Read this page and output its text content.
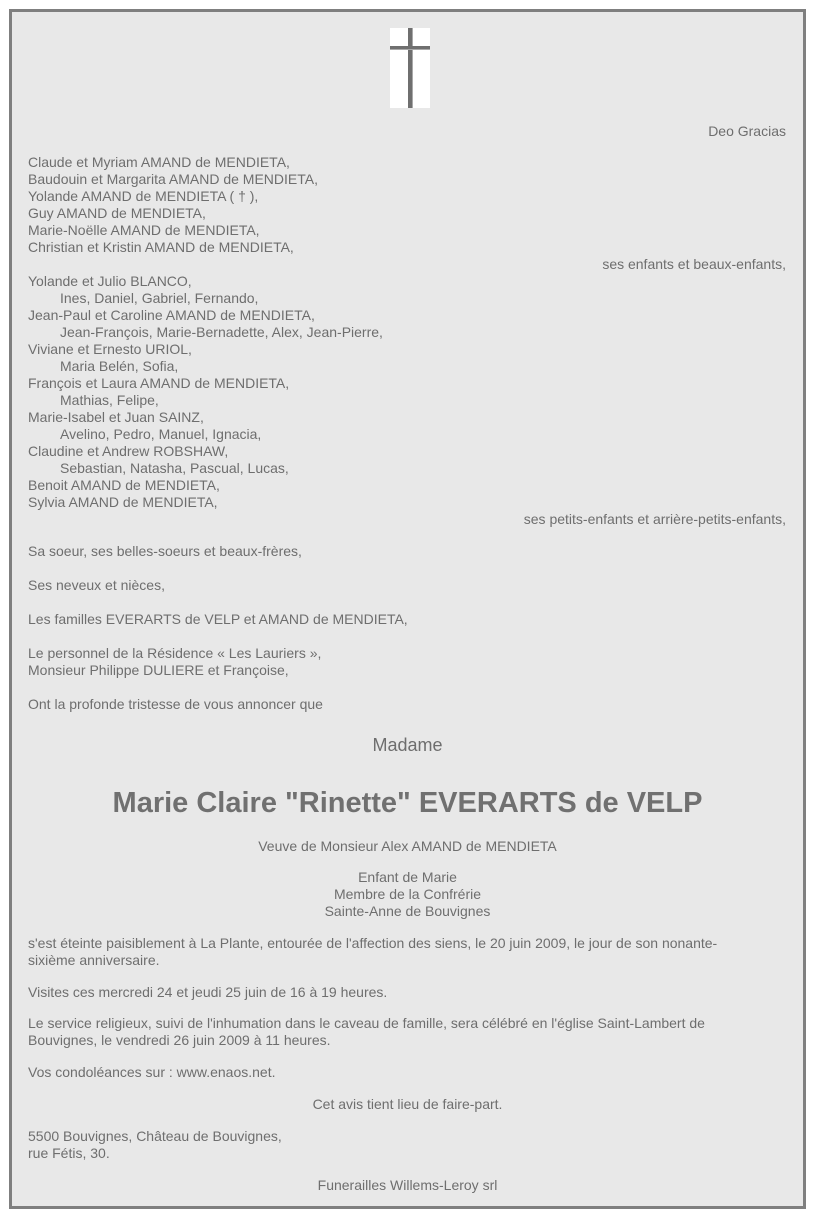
Deo Gracias
Claude et Myriam AMAND de MENDIETA,
Baudouin et Margarita AMAND de MENDIETA,
Yolande AMAND de MENDIETA ( † ),
Guy AMAND de MENDIETA,
Marie-Noëlle AMAND de MENDIETA,
Christian et Kristin AMAND de MENDIETA,
ses enfants et beaux-enfants,
Yolande et Julio BLANCO,
Ines, Daniel, Gabriel, Fernando,
Jean-Paul et Caroline AMAND de MENDIETA,
Jean-François, Marie-Bernadette, Alex, Jean-Pierre,
Viviane et Ernesto URIOL,
Maria Belén, Sofia,
François et Laura AMAND de MENDIETA,
Mathias, Felipe,
Marie-Isabel et Juan SAINZ,
Avelino, Pedro, Manuel, Ignacia,
Claudine et Andrew ROBSHAW,
Sebastian, Natasha, Pascual, Lucas,
Benoit AMAND de MENDIETA,
Sylvia AMAND de MENDIETA,
ses petits-enfants et arrière-petits-enfants,
Sa soeur, ses belles-soeurs et beaux-frères,
Ses neveux et nièces,
Les familles EVERARTS de VELP et AMAND de MENDIETA,
Le personnel de la Résidence « Les Lauriers »,
Monsieur Philippe DULIERE et Françoise,
Ont la profonde tristesse de vous annoncer que
Madame
Marie Claire "Rinette" EVERARTS de VELP
Veuve de Monsieur Alex AMAND de MENDIETA
Enfant de Marie
Membre de la Confrérie
Sainte-Anne de Bouvignes
s'est éteinte paisiblement à La Plante, entourée de l'affection des siens, le 20 juin 2009, le jour de son nonante-sixième anniversaire.
Visites ces mercredi 24 et jeudi 25 juin de 16 à 19 heures.
Le service religieux, suivi de l'inhumation dans le caveau de famille, sera célébré en l'église Saint-Lambert de Bouvignes, le vendredi 26 juin 2009 à 11 heures.
Vos condoléances sur : www.enaos.net.
Cet avis tient lieu de faire-part.
5500 Bouvignes, Château de Bouvignes,
rue Fétis, 30.
Funerailles Willems-Leroy srl
